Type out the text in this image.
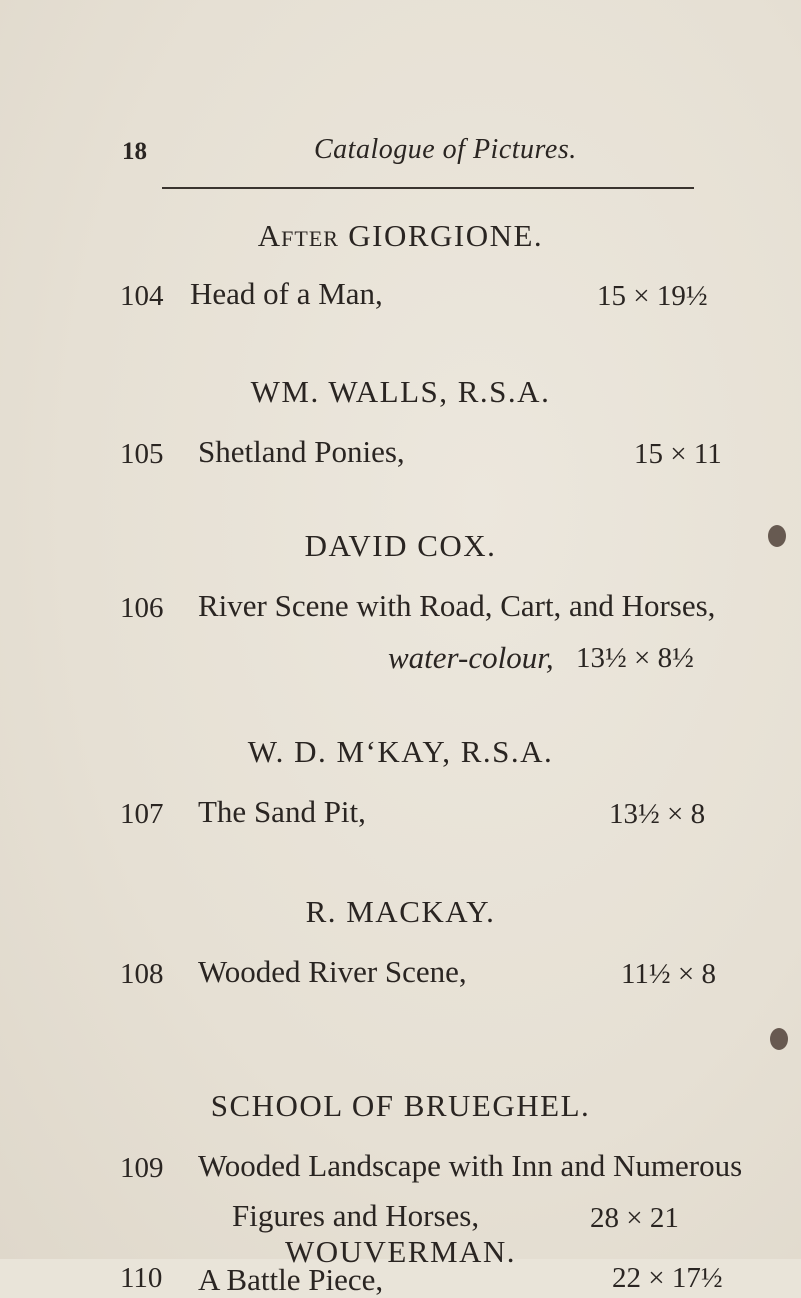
18	Catalogue of Pictures.
After GIORGIONE.
104 Head of a Man,	15 × 19½
WM. WALLS, R.S.A.
105 Shetland Ponies,	15 × 11
DAVID COX.
106 River Scene with Road, Cart, and Horses,
water-colour, 13½ × 8½
W. D. M‘KAY, R.S.A.
107 The Sand Pit,	13½ × 8
R. MACKAY.
108 Wooded River Scene,	11½ × 8
SCHOOL OF BRUEGHEL.
109 Wooded Landscape with Inn and Numerous
Figures and Horses,	28 × 21
WOUVERMAN.
110 A Battle Piece,	22 × 17½
